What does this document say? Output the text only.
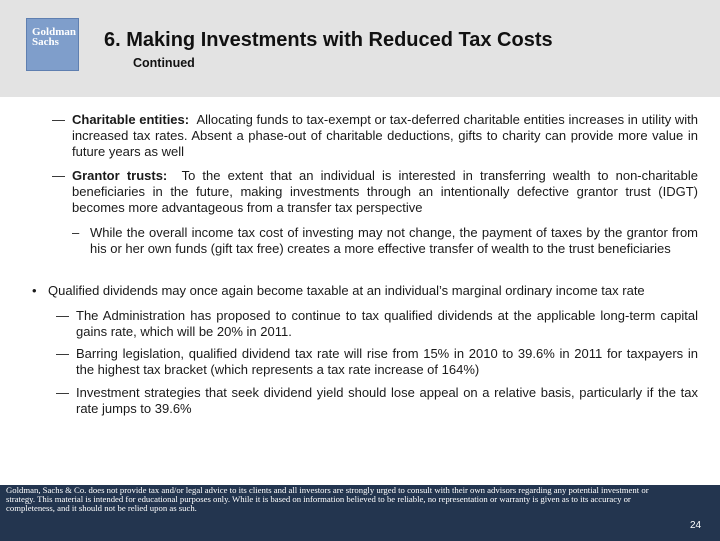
Goldman
Sachs	6. Making Investments with Reduced Tax Costs
Continued
— Charitable entities: Allocating funds to tax-exempt or tax-deferred charitable entities increases in utility with increased tax rates. Absent a phase-out of charitable deductions, gifts to charity can provide more value in future years as well
— Grantor trusts: To the extent that an individual is interested in transferring wealth to non-charitable beneficiaries in the future, making investments through an intentionally defective grantor trust (IDGT) becomes more advantageous from a transfer tax perspective
– While the overall income tax cost of investing may not change, the payment of taxes by the grantor from his or her own funds (gift tax free) creates a more effective transfer of wealth to the trust beneficiaries
• Qualified dividends may once again become taxable at an individual’s marginal ordinary income tax rate
— The Administration has proposed to continue to tax qualified dividends at the applicable long-term capital gains rate, which will be 20% in 2011.
— Barring legislation, qualified dividend tax rate will rise from 15% in 2010 to 39.6% in 2011 for taxpayers in the highest tax bracket (which represents a tax rate increase of 164%)
— Investment strategies that seek dividend yield should lose appeal on a relative basis, particularly if the tax rate jumps to 39.6%
Goldman, Sachs & Co. does not provide tax and/or legal advice to its clients and all investors are strongly urged to consult with their own advisors regarding any potential investment or strategy. This material is intended for educational purposes only. While it is based on information believed to be reliable, no representation or warranty is given as to its accuracy or completeness, and it should not be relied upon as such.
24
